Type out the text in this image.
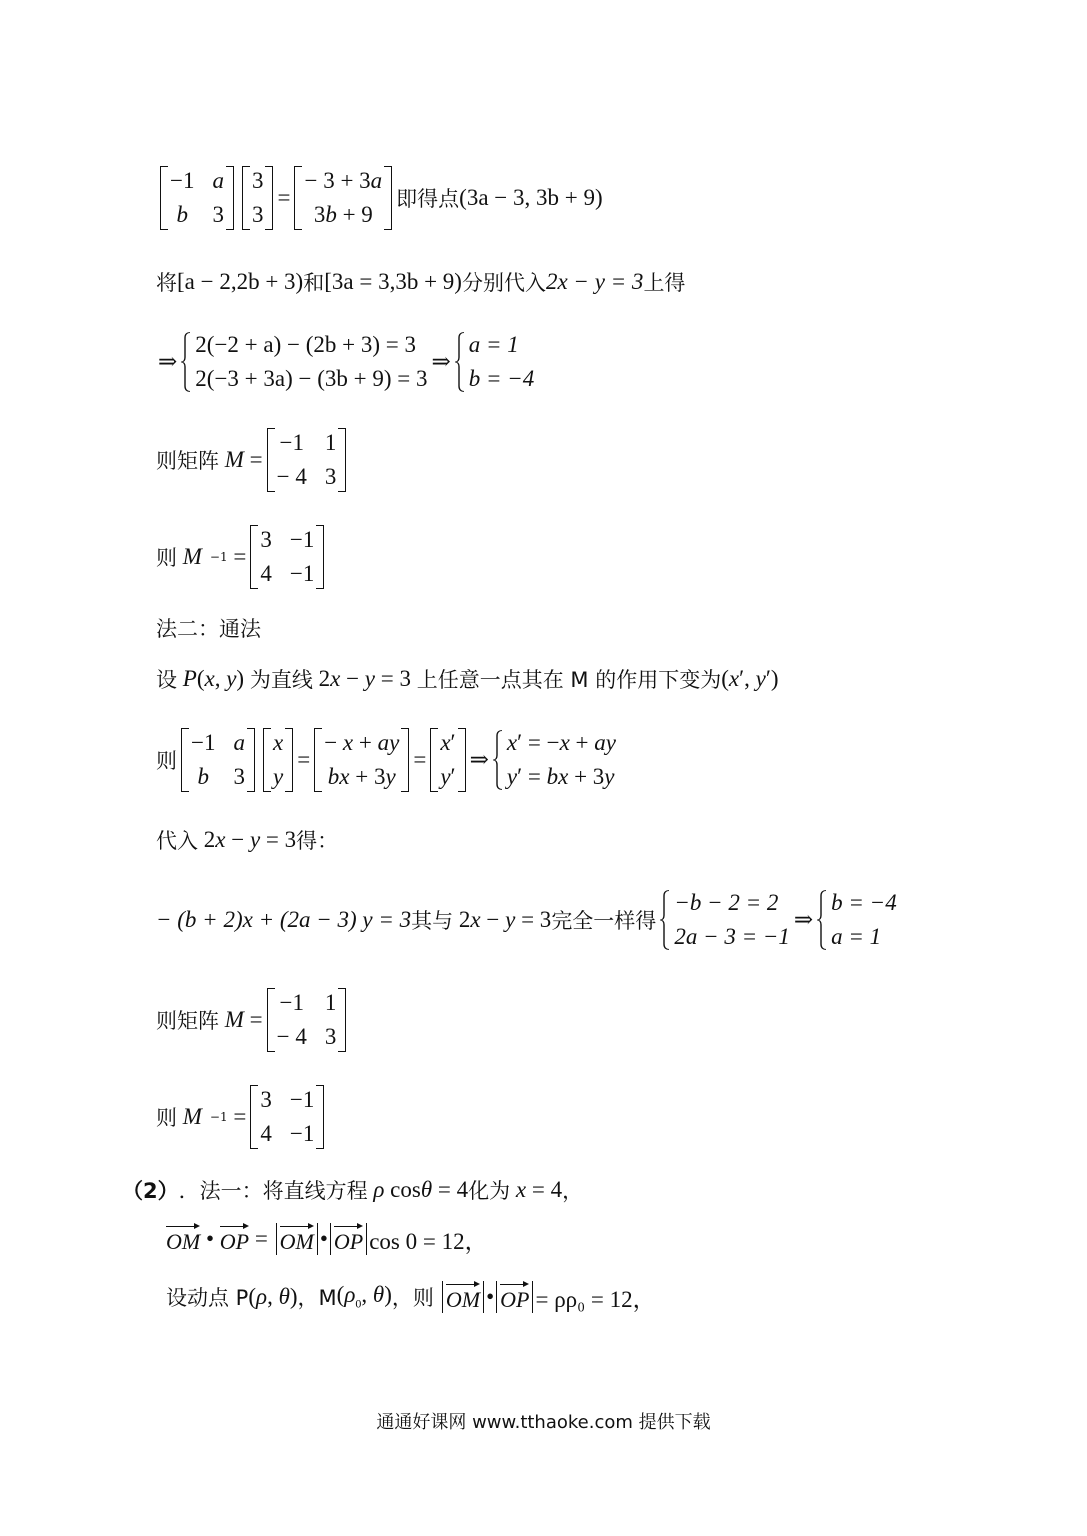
−1 a
b 3
3
3
=
− 3 + 3a
3b + 9
即得点 (3a − 3, 3b + 9)
将 [a − 2,2b + 3) 和 [3a = 3,3b + 9) 分别代入 2x − y = 3 上得
⇒
2(−2 + a) − (2b + 3) = 3
2(−3 + 3a) − (3b + 9) = 3
⇒
a = 1
b = −4
则矩阵 M =
−1 1
− 4 3
则 M −1 =
3 −1
4 −1
法二：通法
设 P(x, y) 为直线 2x − y = 3 上任意一点其在 M 的作用下变为 (x′, y′)
则
−1 a
b 3
x
y
=
− x + ay
bx + 3y
=
x′
y′
⇒
x′ = −x + ay
y′ = bx + 3y
代入 2x − y = 3 得：
− (b + 2)x + (2a − 3) y = 3 其与 2x − y = 3 完全一样得
−b − 2 = 2
2a − 3 = −1
⇒
b = −4
a = 1
则矩阵 M =
−1 1
− 4 3
则 M −1 =
3 −1
4 −1
（2） ．法一：将直线方程 ρ cosθ = 4 化为 x = 4 ，
OM • OP = OM • OP cos 0 = 12，
设动点 P (ρ, θ) ，M ($\rho_0$, θ) ，则 OM • OP = ρρ₀ = 12，
通通好课网 www.tthaoke.com 提供下载
